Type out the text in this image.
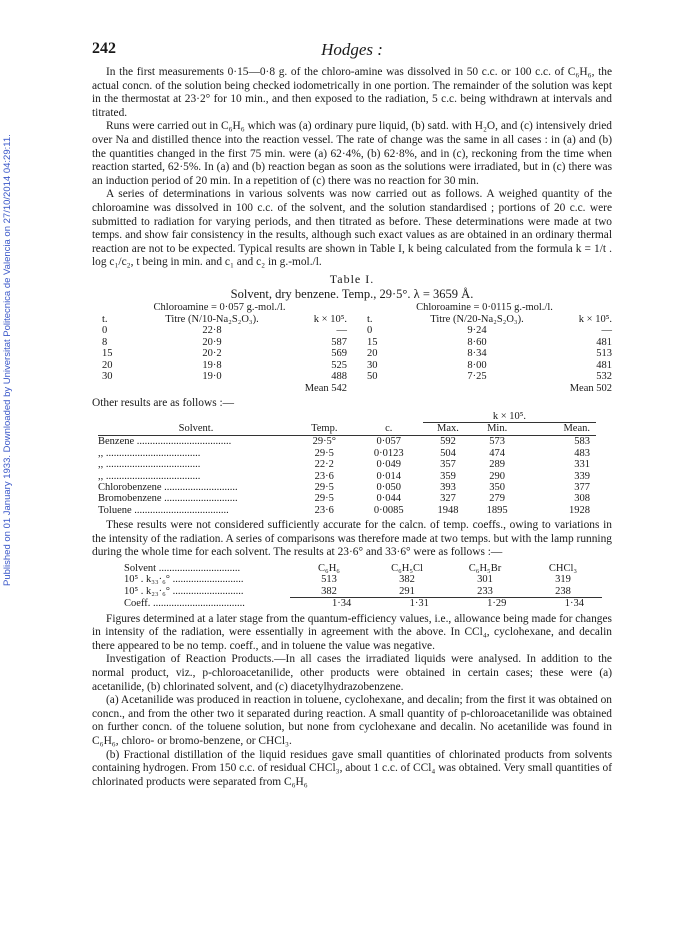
Published on 01 January 1933. Downloaded by Universitat Politecnica de Valencia on 27/10/2014 04:29:11.
242	Hodges :

In the first measurements 0·15—0·8 g. of the chloro-amine was dissolved in 50 c.c. or 100 c.c. of C₆H₆, the actual concn. of the solution being checked iodometrically in one portion. The remainder of the solution was kept in the thermostat at 23·2° for 10 min., and then exposed to the radiation, 5 c.c. being withdrawn at intervals and titrated.

Runs were carried out in C₆H₆ which was (a) ordinary pure liquid, (b) satd. with H₂O, and (c) intensively dried over Na and distilled thence into the reaction vessel. The rate of change was the same in all cases : in (a) and (b) the quantities changed in the first 75 min. were (a) 62·4%, (b) 62·8%, and in (c), reckoning from the time when reaction started, 62·5%. In (a) and (b) reaction began as soon as the solutions were irradiated, but in (c) there was an induction period of 20 min. In a repetition of (c) there was no reaction for 30 min.

A series of determinations in various solvents was now carried out as follows. A weighed quantity of the chloroamine was dissolved in 100 c.c. of the solvent, and the solution standardised ; portions of 20 c.c. were submitted to radiation for varying periods, and then titrated as before. These determinations were made at two temps. and show fair consistency in the results, although such exact values as are obtained in an ordinary thermal reaction are not to be expected. Typical results are shown in Table I, k being calculated from the formula k = 1/t . log c₁/c₂, t being in min. and c₁ and c₂ in g.-mol./l.

Table I.
Solvent, dry benzene. Temp., 29·5°. λ = 3659 Å.
Chloroamine = 0·057 g.-mol./l.
t.	Titre (N/10-Na₂S₂O₃).	k × 10⁵.
0	22·8	—
8	20·9	587
15	20·2	569
20	19·8	525
30	19·0	488
Mean 542
Chloroamine = 0·0115 g.-mol./l.
t.	Titre (N/20-Na₂S₂O₃).	k × 10⁵.
0	9·24	—
15	8·60	481
20	8·34	513
30	8·00	481
50	7·25	532
Mean 502

Other results are as follows :—

			k × 10⁵.		
Solvent.	Temp.	c.	Max.	Min.	Mean.
Benzene ....................................	29·5°	0·057	592	573	583
,, ....................................	29·5	0·0123	504	474	483
,, ....................................	22·2	0·049	357	289	331
,, ....................................	23·6	0·014	359	290	339
Chlorobenzene ............................	29·5	0·050	393	350	377
Bromobenzene ............................	29·5	0·044	327	279	308
Toluene ....................................	23·6	0·0085	1948	1895	1928

These results were not considered sufficiently accurate for the calcn. of temp. coeffs., owing to variations in the intensity of the radiation. A series of comparisons was therefore made at two temps. but with the lamp running during the whole time for each solvent. The results at 23·6° and 33·6° were as follows :—

Solvent ...............................	C₆H₆	C₆H₅Cl	C₆H₅Br	CHCl₃
10⁵ . k₃₃·₆° ...........................	513	382	301	319
10⁵ . k₂₃·₆° ...........................	382	291	233	238
Coeff. ...................................	1·34 1·31 1·29 1·34			

Figures determined at a later stage from the quantum-efficiency values, i.e., allowance being made for changes in intensity of the radiation, were essentially in agreement with the above. In CCl₄, cyclohexane, and decalin there appeared to be no temp. coeff., and in toluene the value was negative.

Investigation of Reaction Products.—In all cases the irradiated liquids were analysed. In addition to the normal product, viz., p-chloroacetanilide, other products were obtained in certain cases; these were (a) acetanilide, (b) chlorinated solvent, and (c) diacetylhydrazobenzene.

(a) Acetanilide was produced in reaction in toluene, cyclohexane, and decalin; from the first it was obtained on concn., and from the other two it separated during reaction. A small quantity of p-chloroacetanilide was obtained on further concn. of the toluene solution, but none from cyclohexane and decalin. No acetanilide was found in C₆H₆, chloro- or bromo-benzene, or CHCl₃.

(b) Fractional distillation of the liquid residues gave small quantities of chlorinated products from solvents containing hydrogen. From 150 c.c. of residual CHCl₃, about 1 c.c. of CCl₄ was obtained. Very small quantities of chlorinated products were separated from C₆H₆
